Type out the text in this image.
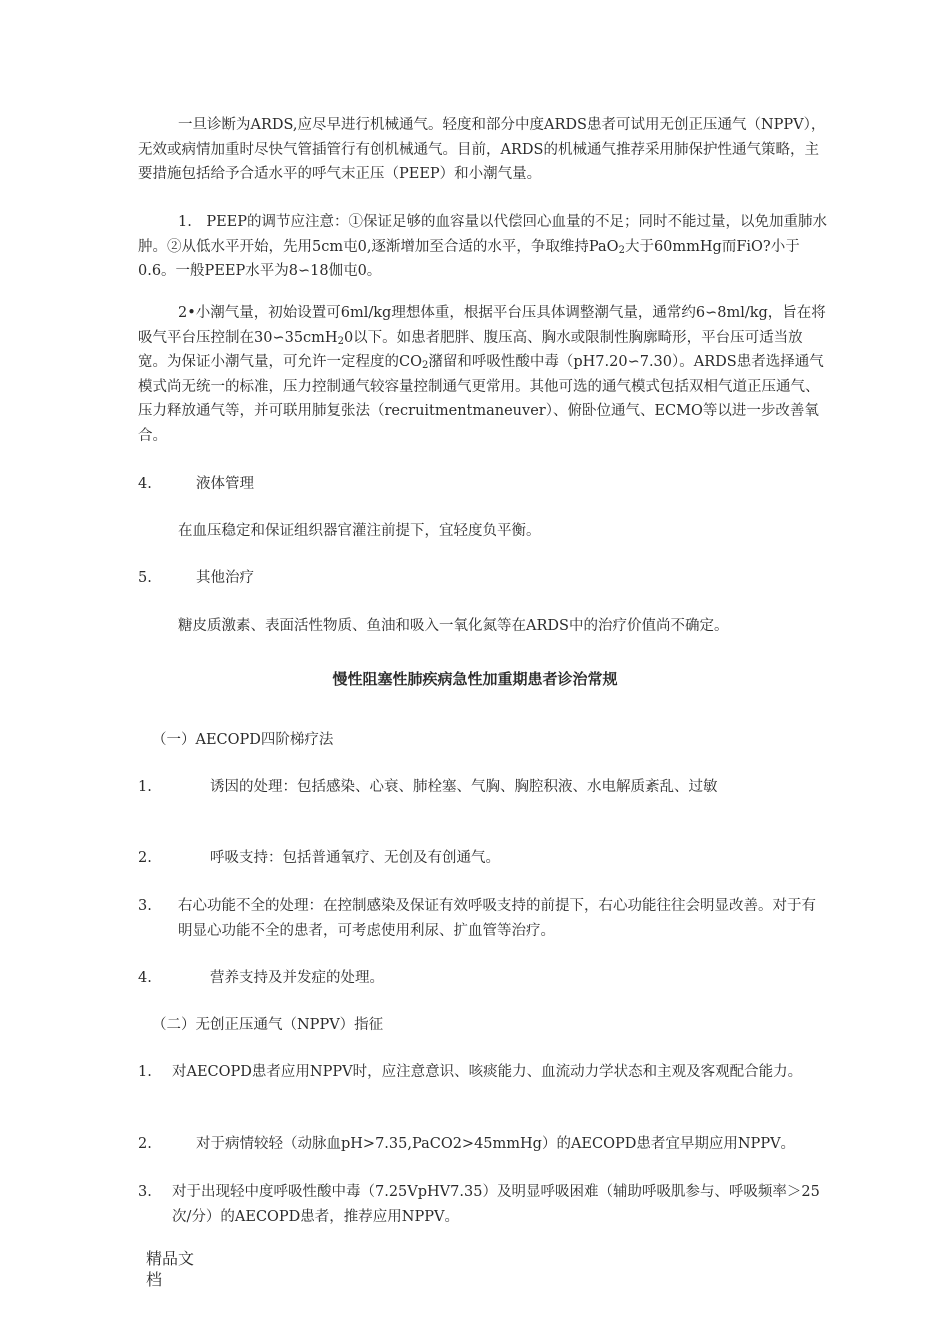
一旦诊断为ARDS,应尽早进行机械通气。轻度和部分中度ARDS患者可试用无创正压通气（NPPV），无效或病情加重时尽快气管插管行有创机械通气。目前，ARDS的机械通气推荐采用肺保护性通气策略，主要措施包括给予合适水平的呼气末正压（PEEP）和小潮气量。

1.　PEEP的调节应注意：①保证足够的血容量以代偿回心血量的不足；同时不能过量，以免加重肺水肿。②从低水平开始，先用5cm屯0,逐渐增加至合适的水平，争取维持PaO$_2$大于60mmHg而FiO?小于0.6。一般PEEP水平为8∽18伽屯0。

2•小潮气量，初始设置可6ml/kg理想体重，根据平台压具体调整潮气量，通常约6∽8ml/kg，旨在将吸气平台压控制在30∽35cmH$_2$0以下。如患者肥胖、腹压高、胸水或限制性胸廓畸形，平台压可适当放宽。为保证小潮气量，可允许一定程度的$CO_2$潴留和呼吸性酸中毒（pH7.20∽7.30）。ARDS患者选择通气模式尚无统一的标准，压力控制通气较容量控制通气更常用。其他可选的通气模式包括双相气道正压通气、压力释放通气等，并可联用肺复张法（recruitmentmaneuver）、俯卧位通气、ECMO等以进一步改善氧合。

4.	液体管理

在血压稳定和保证组织器官灌注前提下，宜轻度负平衡。

5.	其他治疗

糖皮质激素、表面活性物质、鱼油和吸入一氧化氮等在ARDS中的治疗价值尚不确定。

慢性阻塞性肺疾病急性加重期患者诊治常规
（一）AECOPD四阶梯疗法
1.	诱因的处理：包括感染、心衰、肺栓塞、气胸、胸腔积液、水电解质紊乱、过敏

2.	呼吸支持：包括普通氧疗、无创及有创通气。

3. 右心功能不全的处理：在控制感染及保证有效呼吸支持的前提下，右心功能往往会明显改善。对于有明显心功能不全的患者，可考虑使用利尿、扩血管等治疗。

4.	营养支持及并发症的处理。

（二）无创正压通气（NPPV）指征
1. 对AECOPD患者应用NPPV时，应注意意识、咳痰能力、血流动力学状态和主观及客观配合能力。

2.	对于病情较轻（动脉血pH>7.35,PaCO2>45mmHg）的AECOPD患者宜早期应用NPPV。

3. 对于出现轻中度呼吸性酸中毒（7.25VpHV7.35）及明显呼吸困难（辅助呼吸肌参与、呼吸频率＞25次/分）的AECOPD患者，推荐应用NPPV。

精品文档
